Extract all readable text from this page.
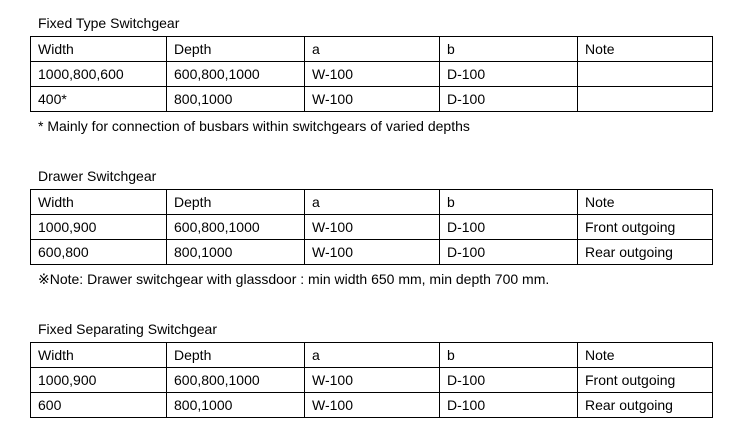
Fixed Type Switchgear
Width	Depth	a	b	Note
1000,800,600	600,800,1000	W-100	D-100	
400*	800,1000	W-100	D-100	
* Mainly for connection of busbars within switchgears of varied depths
Drawer Switchgear
Width	Depth	a	b	Note
1000,900	600,800,1000	W-100	D-100	Front outgoing
600,800	800,1000	W-100	D-100	Rear outgoing
※Note: Drawer switchgear with glassdoor : min width 650 mm, min depth 700 mm.
Fixed Separating Switchgear
Width	Depth	a	b	Note
1000,900	600,800,1000	W-100	D-100	Front outgoing
600	800,1000	W-100	D-100	Rear outgoing
